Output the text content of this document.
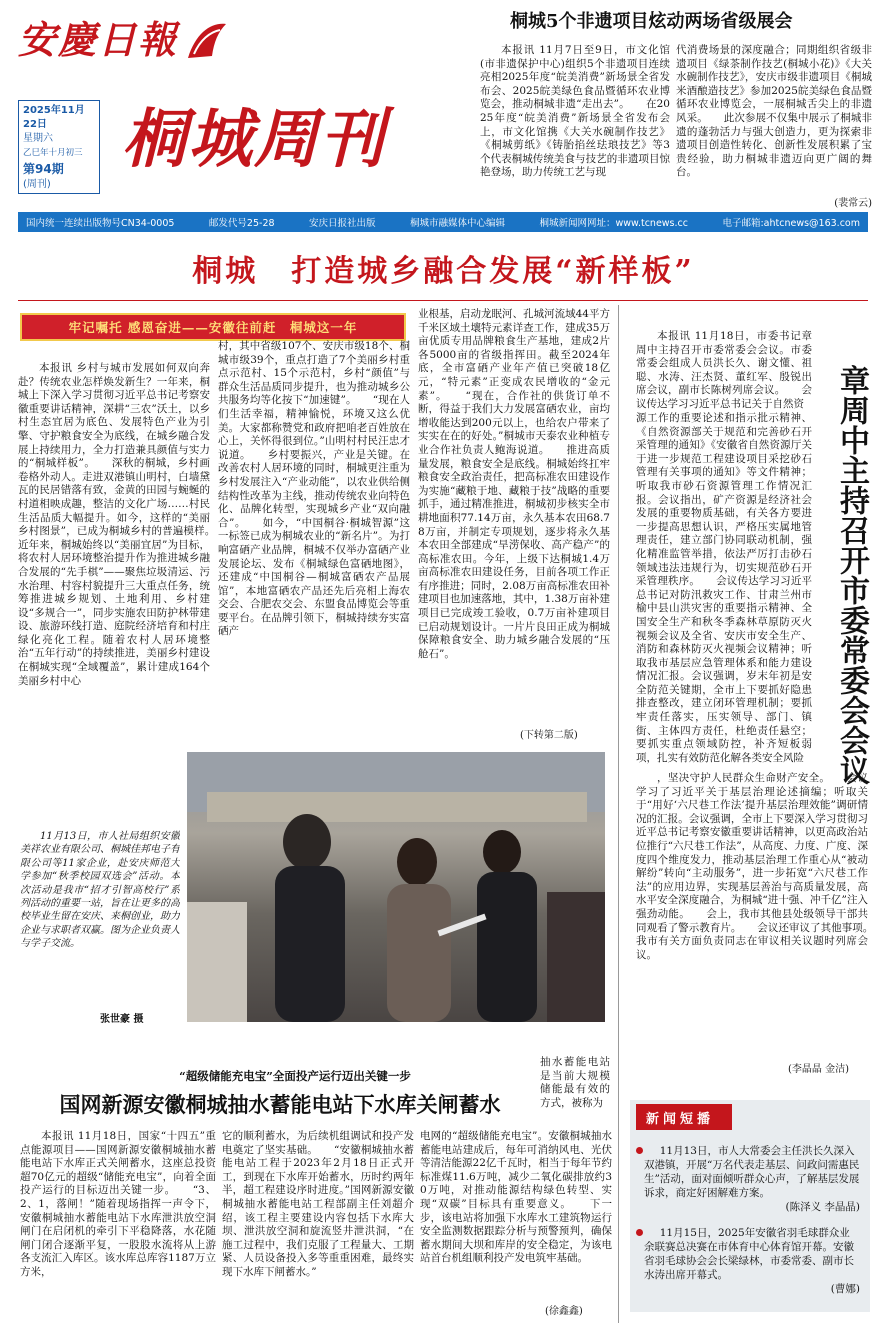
安慶日報
2025年11月22日
星期六
乙巳年十月初三
第94期
(周刊)
桐城周刊
桐城5个非遗项目炫动两场省级展会
本报讯 11月7日至9日，市文化馆(市非遗保护中心)组织5个非遗项目连续亮相2025年度“皖美消费”新场景全省发布会、2025皖美绿色食品暨循环农业博览会，推动桐城非遗“走出去”。　　在2025年度“皖美消费”新场景全省发布会上，市文化馆携《大关水碗制作技艺》《桐城剪纸》《铸胎掐丝珐琅技艺》等3个代表桐城传统美食与技艺的非遗项目惊艳登场，助力传统工艺与现
代消费场景的深度融合；同期组织省级非遗项目《绿茶制作技艺(桐城小花)》《大关水碗制作技艺》，安庆市级非遗项目《桐城米酒酿造技艺》参加2025皖美绿色食品暨循环农业博览会，一展桐城舌尖上的非遗风采。　　此次参展不仅集中展示了桐城非遗的蓬勃活力与强大创造力，更为探索非遗项目创造性转化、创新性发展积累了宝贵经验，助力桐城非遗迈向更广阔的舞台。
(裴常云)
国内统一连续出版物号CN34-0005	邮发代号25-28	安庆日报社出版	桐城市融媒体中心编辑	桐城新闻网网址：www.tcnews.cc	电子邮箱:ahtcnews@163.com
桐城　打造城乡融合发展“新样板”
牢记嘱托 感恩奋进——安徽往前赶　桐城这一年
本报讯 乡村与城市发展如何双向奔赴？传统农业怎样焕发新生？一年来，桐城上下深入学习贯彻习近平总书记考察安徽重要讲话精神，深耕“三农”沃土，以乡村生态宜居为底色、发展特色产业为引擎、守护粮食安全为底线，在城乡融合发展上持续用力，全力打造兼具颜值与实力的“桐城样板”。　　深秋的桐城，乡村画卷格外动人。走进双港镇山明村，白墙黛瓦的民居错落有致，金黄的田园与蜿蜒的村道相映成趣，整洁的文化广场……村民生活品质大幅提升。如今，这样的“美丽乡村图景”，已成为桐城乡村的普遍模样。　　近年来，桐城始终以“美丽宜居”为目标，将农村人居环境整治提升作为推进城乡融合发展的“先手棋”——聚焦垃圾清运、污水治理、村容村貌提升三大重点任务，统筹推进城乡规划、土地利用、乡村建设“多规合一”，同步实施农田防护林带建设、旅游环线打造、庭院经济培育和村庄绿化亮化工程。随着农村人居环境整治“五年行动”的持续推进，美丽乡村建设在桐城实现“全域覆盖”，累计建成164个美丽乡村中心
村，其中省级107个、安庆市级18个、桐城市级39个，重点打造了7个美丽乡村重点示范村、15个示范村，乡村“颜值”与群众生活品质同步提升，也为推动城乡公共服务均等化按下“加速键”。　　“现在人们生活幸福，精神愉悦，环境又这么优美。大家都称赞党和政府把咱老百姓放在心上，关怀得很到位。”山明村村民汪忠才说道。　　乡村要振兴，产业是关键。在改善农村人居环境的同时，桐城更注重为乡村发展注入“产业动能”，以农业供给侧结构性改革为主线，推动传统农业向特色化、品牌化转型，实现城乡产业“双向融合”。　　如今，“中国桐谷·桐城智源”这一标签已成为桐城农业的“新名片”。为打响富硒产业品牌，桐城不仅举办富硒产业发展论坛、发布《桐城绿色富硒地图》，还建成“中国桐谷—桐城富硒农产品展馆”，本地富硒农产品还先后亮相上海农交会、合肥农交会、东盟食品博览会等重要平台。在品牌引领下，桐城持续夯实富硒产
业根基，启动龙眠河、孔城河流域44平方千米区域土壤特元素详查工作，建成35万亩优质专用品牌粮食生产基地，建成2片各5000亩的省级指挥田。截至2024年底，全市富硒产业年产值已突破18亿元，“特元素”正变成农民增收的“金元素”。　　“现在，合作社的供货订单不断，得益于我们大力发展富硒农业，亩均增收能达到200元以上，也给农户带来了实实在在的好处。”桐城市天泰农业种植专业合作社负责人鲍海说道。　　推进高质量发展，粮食安全是底线。桐城始终扛牢粮食安全政治责任，把高标准农田建设作为实施“藏粮于地、藏粮于技”战略的重要抓手，通过精准推进，桐城初步核实全市耕地面积77.14万亩，永久基本农田68.78万亩，并制定专项规划，逐步将永久基本农田全部建成“旱涝保收、高产稳产”的高标准农田。今年，上级下达桐城1.4万亩高标准农田建设任务，目前各项工作正有序推进；同时，2.08万亩高标准农田补建项目也加速落地，其中，1.38万亩补建项目已完成竣工验收，0.7万亩补建项目已启动规划设计。一片片良田正成为桐城保障粮食安全、助力城乡融合发展的“压舱石”。
(下转第二版)
本报讯 11月18日，市委书记章周中主持召开市委常委会会议。市委常委会组成人员洪长久、谢文懂、祖聪、水涛、汪杰贤、董红军、殷锐出席会议，副市长陈树列席会议。　　会议传达学习习近平总书记关于自然资	章周中主持召开市委常委会会议
源工作的重要论述和指示批示精神、《自然资源部关于规范和完善砂石开采管理的通知》《安徽省自然资源厅关于进一步规范工程建设项目采挖砂石管理有关事项的通知》等文件精神；听取我市砂石资源管理工作情况汇报。会议指出，矿产资源是经济社会发展的重要物质基础，有关各方要进一步提高思想认识，严格压实属地管理责任，建立部门协同联动机制，强化精准监管举措，依法严厉打击砂石领域违法违规行为，切实规范砂石开采管理秩序。　　会议传达学习习近平总书记对防汛救灾工作、甘肃兰州市榆中县山洪灾害的重要指示精神、全国安全生产和秋冬季森林草原防灭火视频会议及全省、安庆市安全生产、消防和森林防灭火视频会议精神；听取我市基层应急管理体系和能力建设情况汇报。会议强调，岁末年初是安全防范关键期，全市上下要抓好隐患排查整改，建立闭环管理机制；要抓牢责任落实，压实领导、部门、镇街、主体四方责任，杜绝责任悬空；要抓实重点领域防控，补齐短板弱项，扎实有效防范化解各类安全风险
，坚决守护人民群众生命财产安全。　　会议学习了习近平关于基层治理论述摘编；听取关于“用好‘六尺巷工作法’提升基层治理效能”调研情况的汇报。会议强调，全市上下要深入学习贯彻习近平总书记考察安徽重要讲话精神，以更高政治站位推行“六尺巷工作法”，从高度、力度、广度、深度四个维度发力，推动基层治理工作重心从“被动解纷”转向“主动服务”，进一步拓宽“六尺巷工作法”的应用边界，实现基层善治与高质量发展，高水平安全深度融合，为桐城“进十强、冲千亿”注入强劲动能。　　会上，我市其他县处级领导干部共同观看了警示教育片。　　会议还审议了其他事项。　　我市有关方面负责同志在审议相关议题时列席会议。
(李晶晶 金洁)
11月13日，市人社局组织安徽美祥农业有限公司、桐城佳邦电子有限公司等11家企业，赴安庆师范大学参加“秋季校园双选会”活动。本次活动是我市“招才引智高校行”系列活动的重要一站，旨在让更多的高校毕业生留在安庆、来桐创业，助力企业与求职者双赢。图为企业负责人与学子交流。
张世豪 摄
“超级储能充电宝”全面投产运行迈出关键一步
国网新源安徽桐城抽水蓄能电站下水库关闸蓄水
抽水蓄能电站是当前大规模储能最有效的方式，被称为
本报讯 11月18日，国家“十四五”重点能源项目——国网新源安徽桐城抽水蓄能电站下水库正式关闸蓄水，这座总投资超70亿元的超级“储能充电宝”，向着全面投产运行的目标迈出关键一步。　　“3、2、1，落闸！”随着现场指挥一声令下，安徽桐城抽水蓄能电站下水库泄洪放空洞闸门在启闭机的牵引下平稳降落，水花随闸门闭合逐渐平复，一股股水流将从上游各支流汇入库区。该水库总库容1187万立方米，
它的顺利蓄水，为后续机组调试和投产发电奠定了坚实基础。　　“安徽桐城抽水蓄能电站工程于2023年2月18日正式开工，到现在下水库开始蓄水，历时约两年半，超工程建设序时进度。”国网新源安徽桐城抽水蓄能电站工程部副主任刘超介绍，该工程主要建设内容包括下水库大坝、泄洪放空洞和旋流竖井泄洪洞，“在施工过程中，我们克服了工程量大、工期紧、人员设备投入多等重重困难，最终实现下水库下闸蓄水。”
电网的“超级储能充电宝”。安徽桐城抽水蓄能电站建成后，每年可消纳风电、光伏等清洁能源22亿千瓦时，相当于每年节约标准煤11.6万吨，减少二氧化碳排放约30万吨，对推动能源结构绿色转型、实现“双碳”目标具有重要意义。　　下一步，该电站将加强下水库水工建筑物运行安全监测数据跟踪分析与预警预判，确保蓄水期间大坝和库岸的安全稳定，为该电站首台机组顺利投产发电筑牢基础。
(徐鑫鑫)
新闻短播
11月13日，市人大常委会主任洪长久深入双港镇，开展“万名代表走基层、问政问需惠民生”活动，面对面倾听群众心声，了解基层发展诉求，商定好困解难方案。
(陈泽义 李晶晶)
11月15日，2025年安徽省羽毛球群众业余联赛总决赛在市体育中心体育馆开幕。安徽省羽毛球协会会长梁绿林，市委常委、副市长水涛出席开幕式。
(曹娜)
